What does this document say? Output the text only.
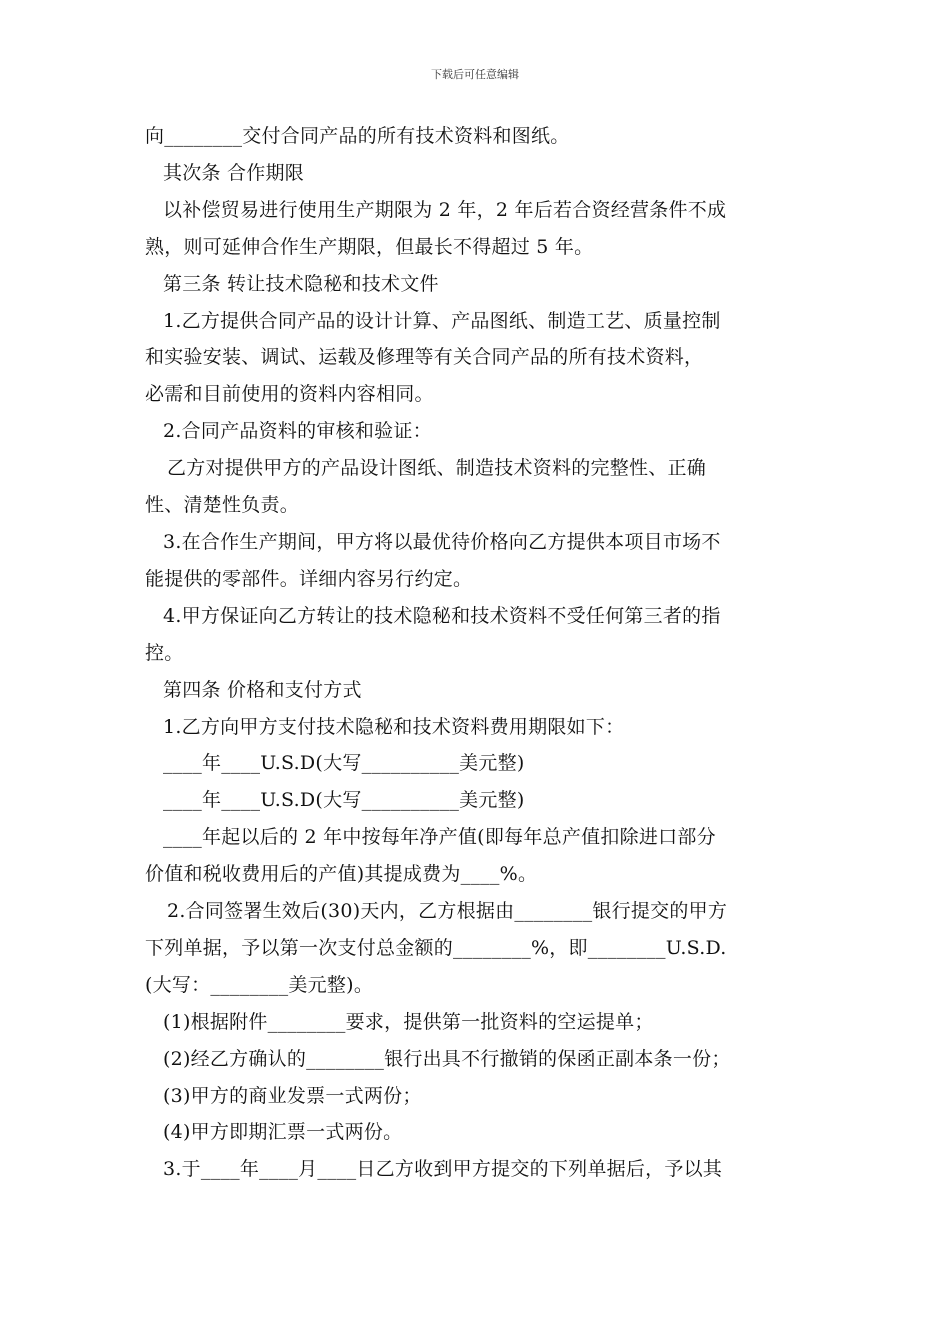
下载后可任意编辑

向________交付合同产品的所有技术资料和图纸。

其次条 合作期限

以补偿贸易进行使用生产期限为 2 年，2 年后若合资经营条件不成

熟，则可延伸合作生产期限，但最长不得超过 5 年。

第三条 转让技术隐秘和技术文件

1.乙方提供合同产品的设计计算、产品图纸、制造工艺、质量控制

和实验安装、调试、运载及修理等有关合同产品的所有技术资料，

必需和目前使用的资料内容相同。

2.合同产品资料的审核和验证：

乙方对提供甲方的产品设计图纸、制造技术资料的完整性、正确

性、清楚性负责。

3.在合作生产期间，甲方将以最优待价格向乙方提供本项目市场不

能提供的零部件。详细内容另行约定。

4.甲方保证向乙方转让的技术隐秘和技术资料不受任何第三者的指

控。

第四条 价格和支付方式

1.乙方向甲方支付技术隐秘和技术资料费用期限如下：

____年____U.S.D(大写__________美元整)

____年____U.S.D(大写__________美元整)

____年起以后的 2 年中按每年净产值(即每年总产值扣除进口部分

价值和税收费用后的产值)其提成费为____%。

2.合同签署生效后(30)天内，乙方根据由________银行提交的甲方

下列单据，予以第一次支付总金额的________%，即________U.S.D.

(大写：________美元整)。

(1)根据附件________要求，提供第一批资料的空运提单；

(2)经乙方确认的________银行出具不行撤销的保函正副本条一份；

(3)甲方的商业发票一式两份；

(4)甲方即期汇票一式两份。

3.于____年____月____日乙方收到甲方提交的下列单据后，予以其
